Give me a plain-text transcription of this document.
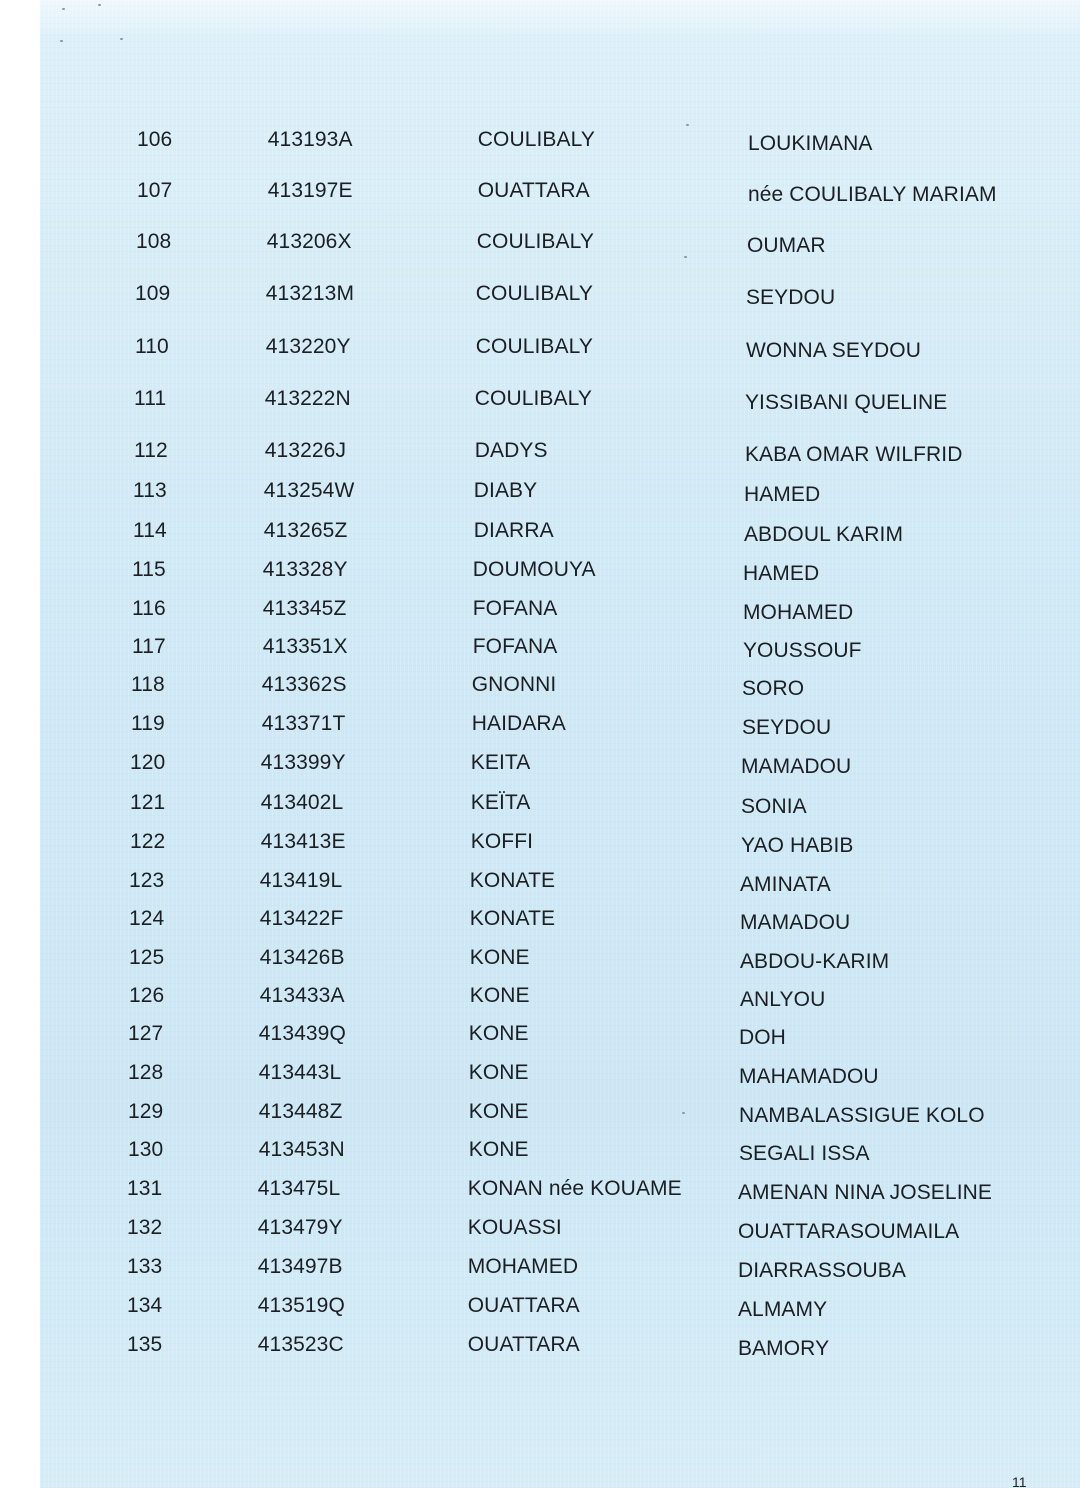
106	413193A	COULIBALY	LOUKIMANA
107	413197E	OUATTARA	née COULIBALY MARIAM
108	413206X	COULIBALY	OUMAR
109	413213M	COULIBALY	SEYDOU
110	413220Y	COULIBALY	WONNA SEYDOU
111	413222N	COULIBALY	YISSIBANI QUELINE
112	413226J	DADYS	KABA OMAR WILFRID
113	413254W	DIABY	HAMED
114	413265Z	DIARRA	ABDOUL KARIM
115	413328Y	DOUMOUYA	HAMED
116	413345Z	FOFANA	MOHAMED
117	413351X	FOFANA	YOUSSOUF
118	413362S	GNONNI	SORO
119	413371T	HAIDARA	SEYDOU
120	413399Y	KEITA	MAMADOU
121	413402L	KEÏTA	SONIA
122	413413E	KOFFI	YAO HABIB
123	413419L	KONATE	AMINATA
124	413422F	KONATE	MAMADOU
125	413426B	KONE	ABDOU-KARIM
126	413433A	KONE	ANLYOU
127	413439Q	KONE	DOH
128	413443L	KONE	MAHAMADOU
129	413448Z	KONE	NAMBALASSIGUE KOLO
130	413453N	KONE	SEGALI ISSA
131	413475L	KONAN née KOUAME	AMENAN NINA JOSELINE
132	413479Y	KOUASSI	OUATTARASOUMAILA
133	413497B	MOHAMED	DIARRASSOUBA
134	413519Q	OUATTARA	ALMAMY
135	413523C	OUATTARA	BAMORY
11
